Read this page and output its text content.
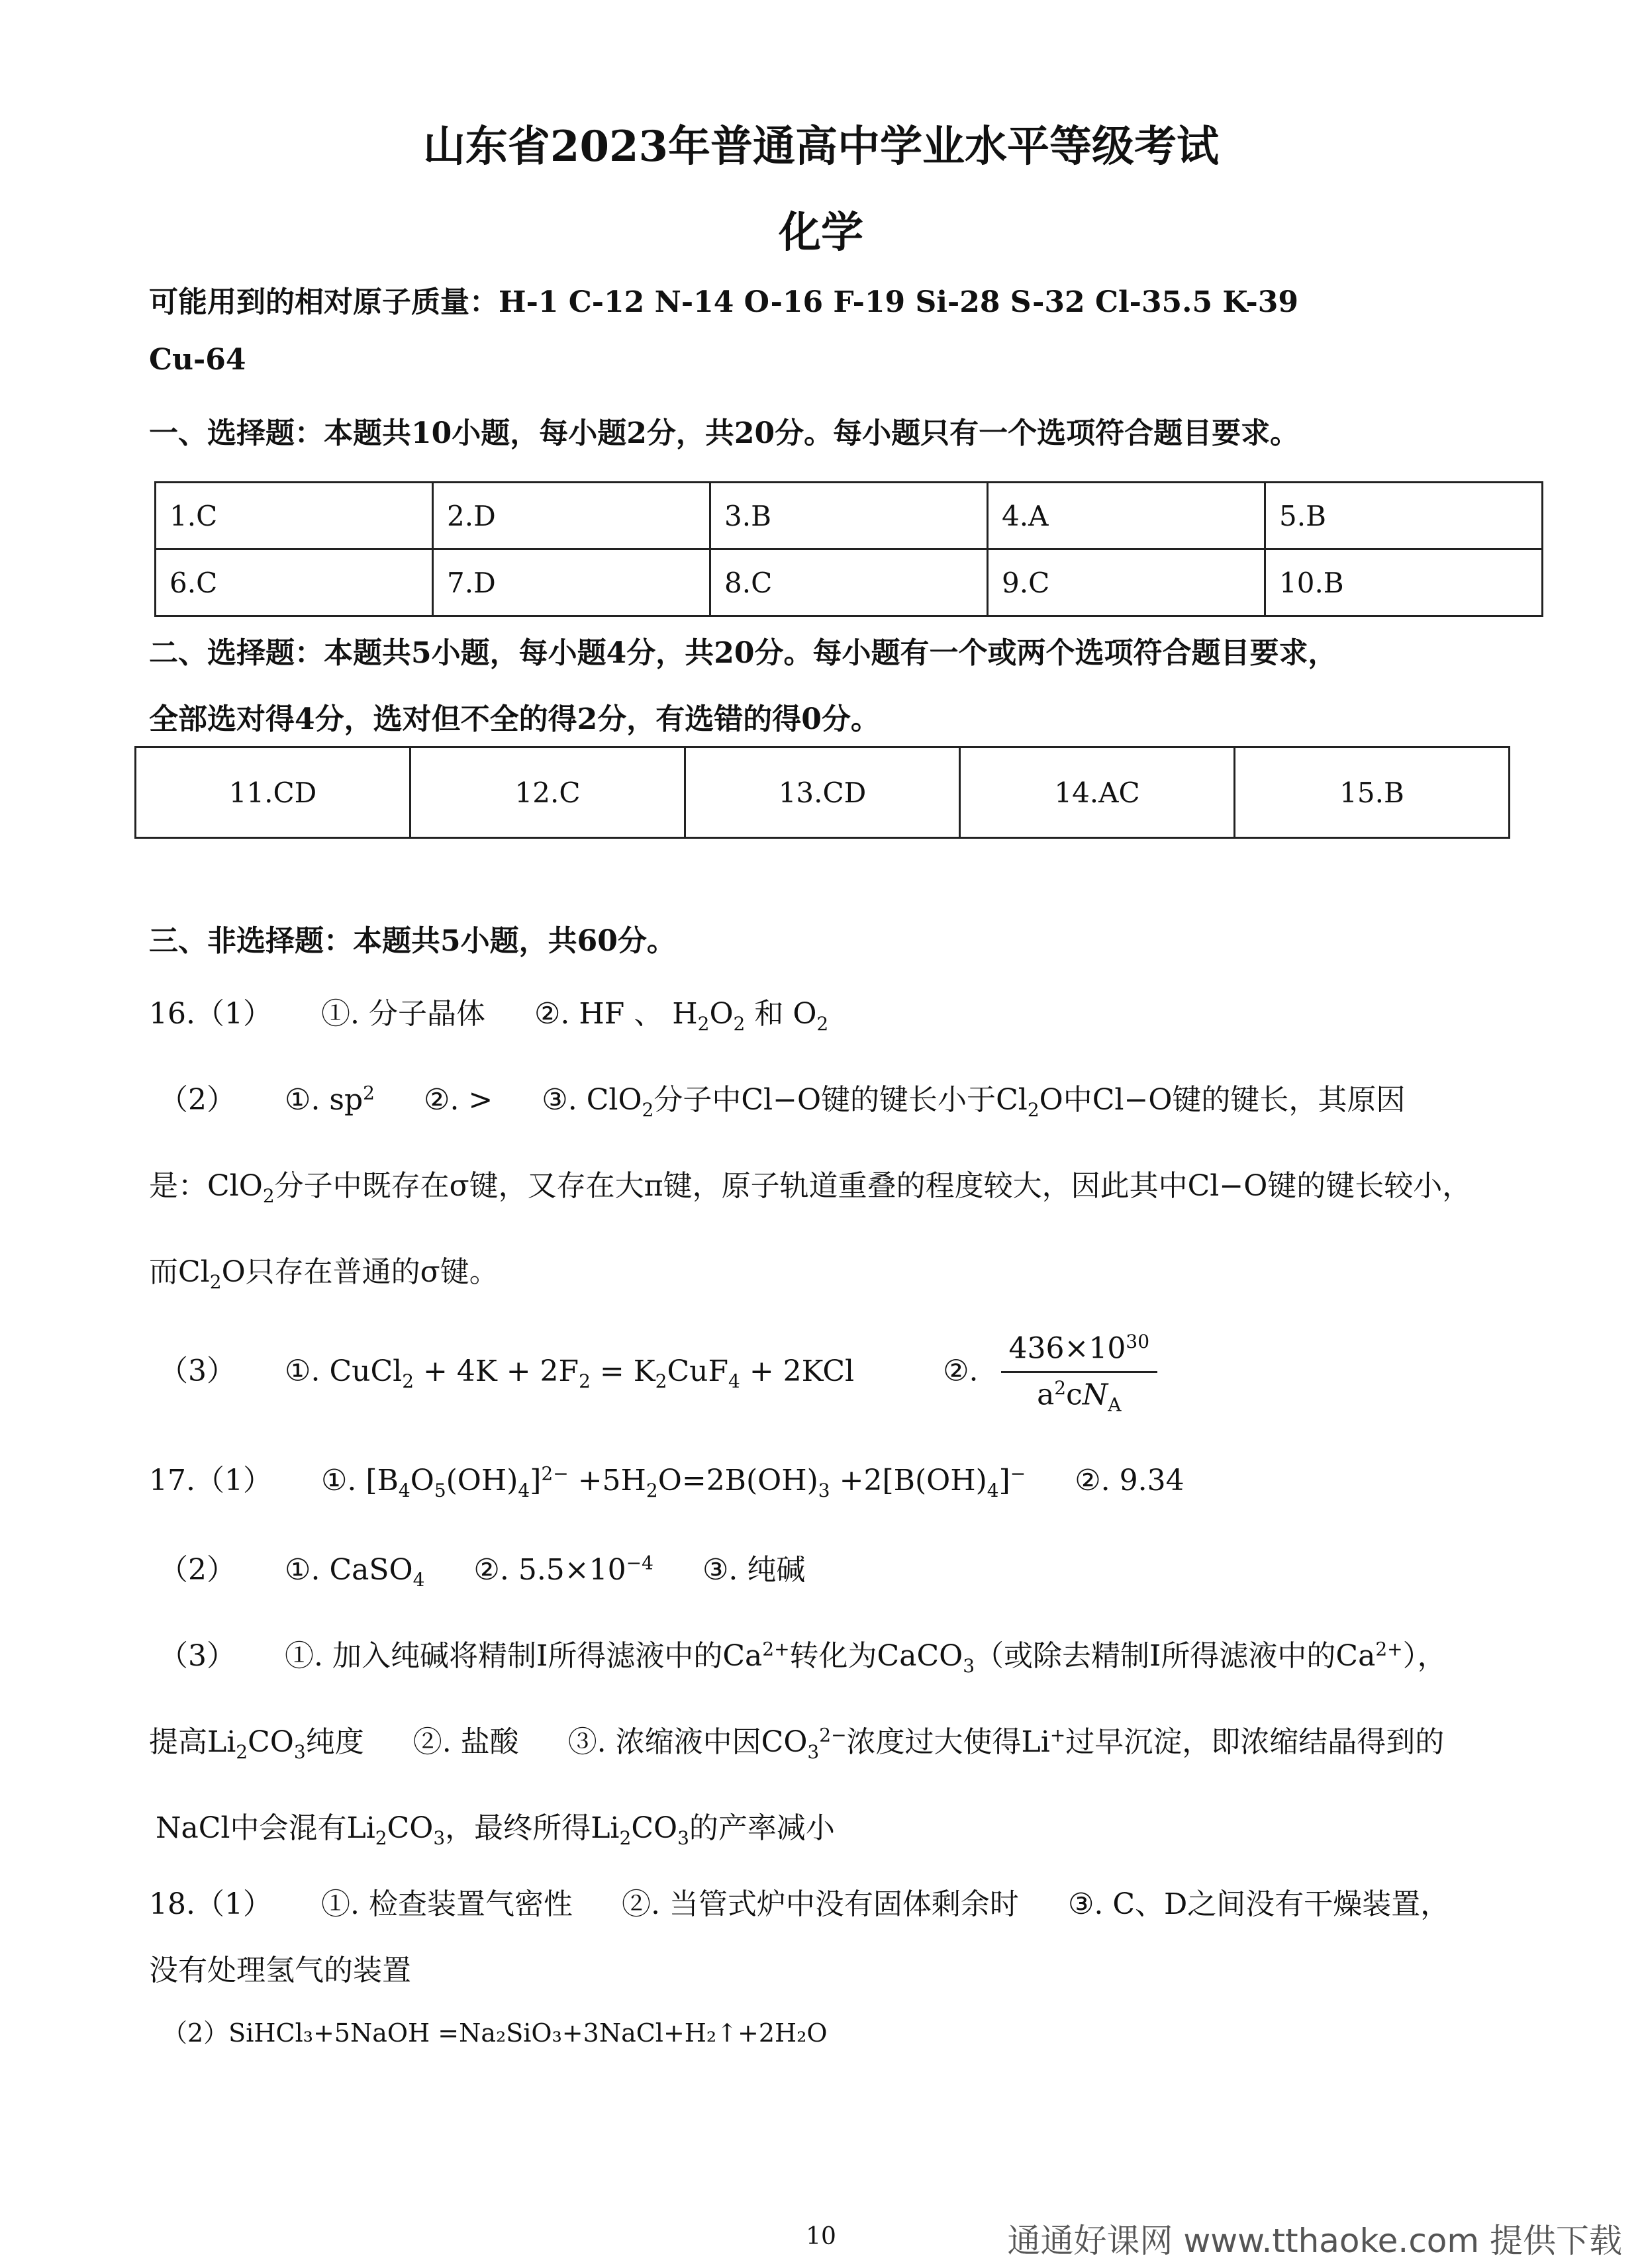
山东省2023年普通高中学业水平等级考试
化学
可能用到的相对原子质量：H-1 C-12 N-14 O-16 F-19 Si-28 S-32 Cl-35.5 K-39
Cu-64
一、选择题：本题共10小题，每小题2分，共20分。每小题只有一个选项符合题目要求。
1.C	2.D	3.B	4.A	5.B
6.C	7.D	8.C	9.C	10.B
二、选择题：本题共5小题，每小题4分，共20分。每小题有一个或两个选项符合题目要求，
全部选对得4分，选对但不全的得2分，有选错的得0分。
11.CD	12.C	13.CD	14.AC	15.B
三、非选择题：本题共5小题，共60分。
16.（1） ①. 分子晶体 ②. HF 、 $H_2O_2$ 和 $O_2$
（2） ①. $sp^2$ ②. > ③. ClO$_2$分子中Cl−O键的键长小于$Cl_2O$中Cl−O键的键长，其原因
是：ClO$_2$分子中既存在σ键，又存在大π键，原子轨道重叠的程度较大，因此其中Cl−O键的键长较小，
而$Cl_2O$只存在普通的σ键。
（3） ①. CuCl$_2$ + $4K + 2F_2 = K_2CuF_4 + 2KCl$	②. $\frac{436\times 10^{30}}{a^2cN_A}$
17.（1） ①. $[B_4O_5(OH)_4]^{2-} +5H_2O=2B(OH)_3 +2[B(OH)_4]^-$ ②. 9.34
（2） ①. CaSO$_4$ ②. $5.5\times 10^{-4}$ ③. 纯碱
（3） ①. 加入纯碱将精制Ⅰ所得滤液中的$Ca^{2+}$转化为CaCO$_3$（或除去精制Ⅰ所得滤液中的$Ca^{2+}$），
提高$Li_2CO_3$纯度 ②. 盐酸 ③. 浓缩液中因$CO_3^{2-}$浓度过大使得Li+过早沉淀，即浓缩结晶得到的
NaCl中会混有$Li_2CO_3$，最终所得$Li_2CO_3$的产率减小
18.（1） ①. 检查装置气密性 ②. 当管式炉中没有固体剩余时 ③. C、D之间没有干燥装置，
没有处理氢气的装置
（2）SiHCl₃+5NaOH =Na₂SiO₃+3NaCl+H₂↑+2H₂O
10	通通好课网 www.tthaoke.com 提供下载
